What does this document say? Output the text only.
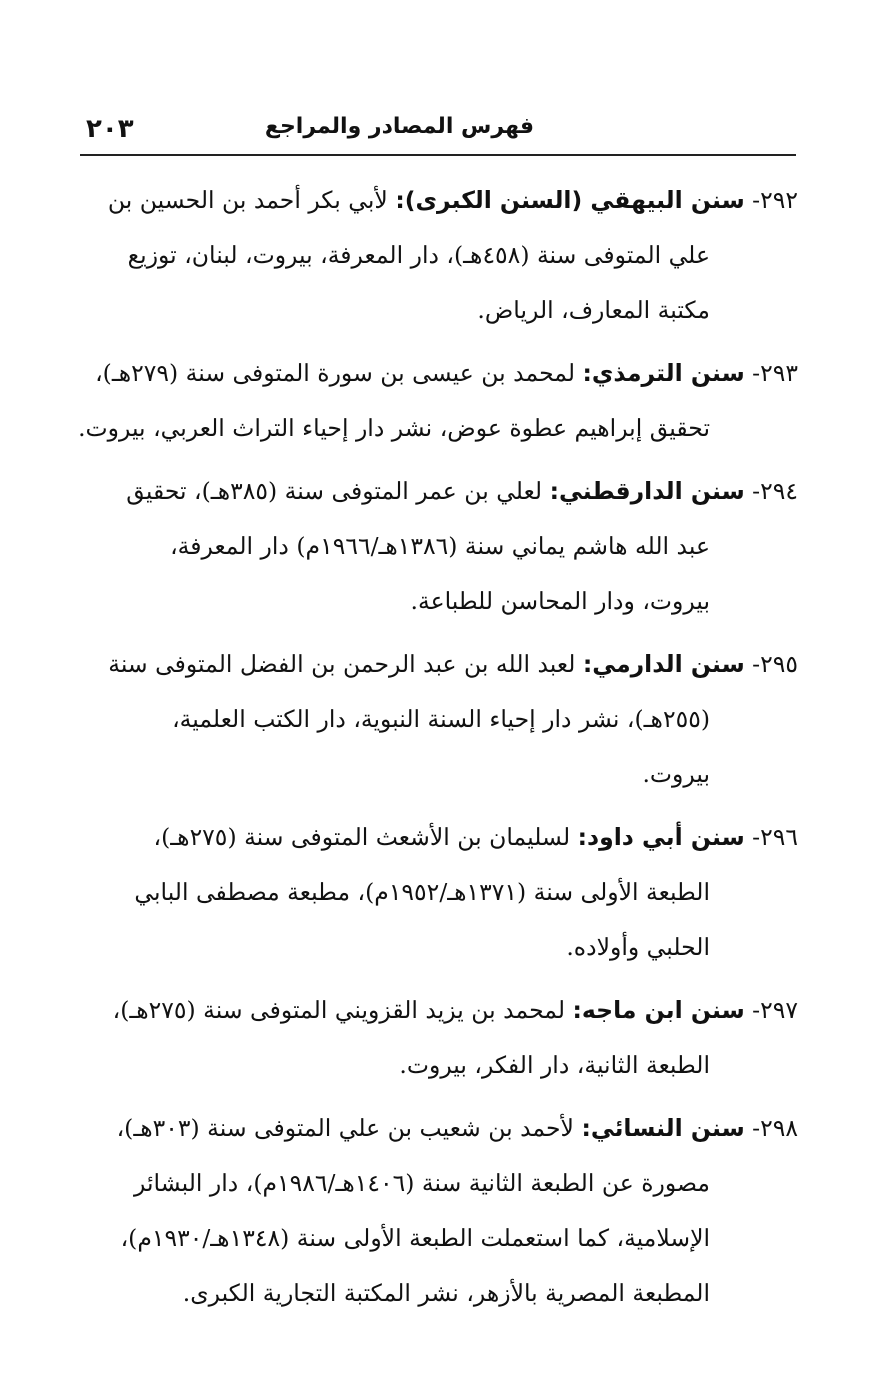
فهرس المصادر والمراجع
٢٠٣
٢٩٢- سنن البيهقي (السنن الكبرى): لأبي بكر أحمد بن الحسين بن
علي المتوفى سنة (٤٥٨هـ)، دار المعرفة، بيروت، لبنان، توزيع
مكتبة المعارف، الرياض.
٢٩٣- سنن الترمذي: لمحمد بن عيسى بن سورة المتوفى سنة (٢٧٩هـ)،
تحقيق إبراهيم عطوة عوض، نشر دار إحياء التراث العربي، بيروت.
٢٩٤- سنن الدارقطني: لعلي بن عمر المتوفى سنة (٣٨٥هـ)، تحقيق
عبد الله هاشم يماني سنة (١٣٨٦هـ/١٩٦٦م) دار المعرفة،
بيروت، ودار المحاسن للطباعة.
٢٩٥- سنن الدارمي: لعبد الله بن عبد الرحمن بن الفضل المتوفى سنة
(٢٥٥هـ)، نشر دار إحياء السنة النبوية، دار الكتب العلمية،
بيروت.
٢٩٦- سنن أبي داود: لسليمان بن الأشعث المتوفى سنة (٢٧٥هـ)،
الطبعة الأولى سنة (١٣٧١هـ/١٩٥٢م)، مطبعة مصطفى البابي
الحلبي وأولاده.
٢٩٧- سنن ابن ماجه: لمحمد بن يزيد القزويني المتوفى سنة (٢٧٥هـ)،
الطبعة الثانية، دار الفكر، بيروت.
٢٩٨- سنن النسائي: لأحمد بن شعيب بن علي المتوفى سنة (٣٠٣هـ)،
مصورة عن الطبعة الثانية سنة (١٤٠٦هـ/١٩٨٦م)، دار البشائر
الإسلامية، كما استعملت الطبعة الأولى سنة (١٣٤٨هـ/١٩٣٠م)،
المطبعة المصرية بالأزهر، نشر المكتبة التجارية الكبرى.
